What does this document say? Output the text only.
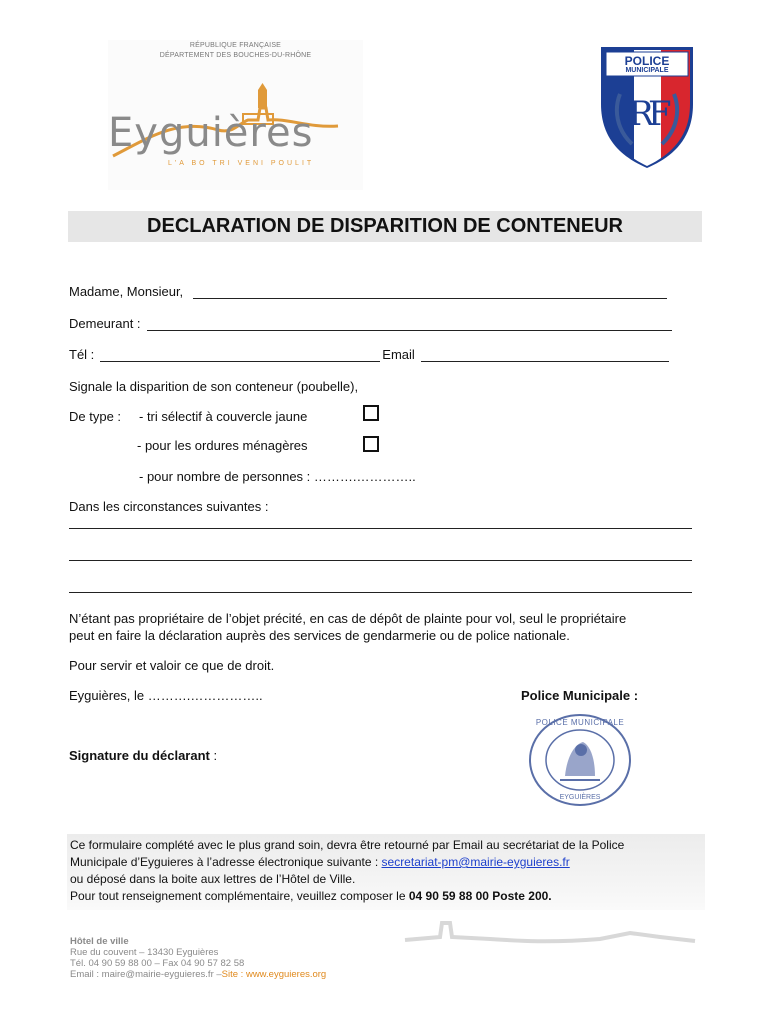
RÉPUBLIQUE FRANÇAISE
DÉPARTEMENT DES BOUCHES-DU-RHÔNE
Eyguières
L'A BO TRI VENI POULIT
POLICE
MUNICIPALE
RF
DECLARATION DE DISPARITION DE CONTENEUR
Madame, Monsieur,
Demeurant :
Tél :	Email
Signale la disparition de son conteneur (poubelle),
De type : - tri sélectif à couvercle jaune
- pour les ordures ménagères
- pour nombre de personnes : ……….…………..
Dans les circonstances suivantes :
N’étant pas propriétaire de l’objet précité, en cas de dépôt de plainte pour vol, seul le propriétaire
peut en faire la déclaration auprès des services de gendarmerie ou de police nationale.
Pour servir et valoir ce que de droit.
Eyguières, le ……….……………..	Police Municipale :
Signature du déclarant :
POLICE MUNICIPALE
EYGUIÈRES
Ce formulaire complété avec le plus grand soin, devra être retourné par Email au secrétariat de la Police
Municipale d’Eyguieres à l’adresse électronique suivante : secretariat-pm@mairie-eyguieres.fr
ou déposé dans la boite aux lettres de l’Hôtel de Ville.
Pour tout renseignement complémentaire, veuillez composer le 04 90 59 88 00 Poste 200.
Hôtel de ville
Rue du couvent – 13430 Eyguières
Tél. 04 90 59 88 00 – Fax 04 90 57 82 58
Email : maire@mairie-eyguieres.fr –Site : www.eyguieres.org
